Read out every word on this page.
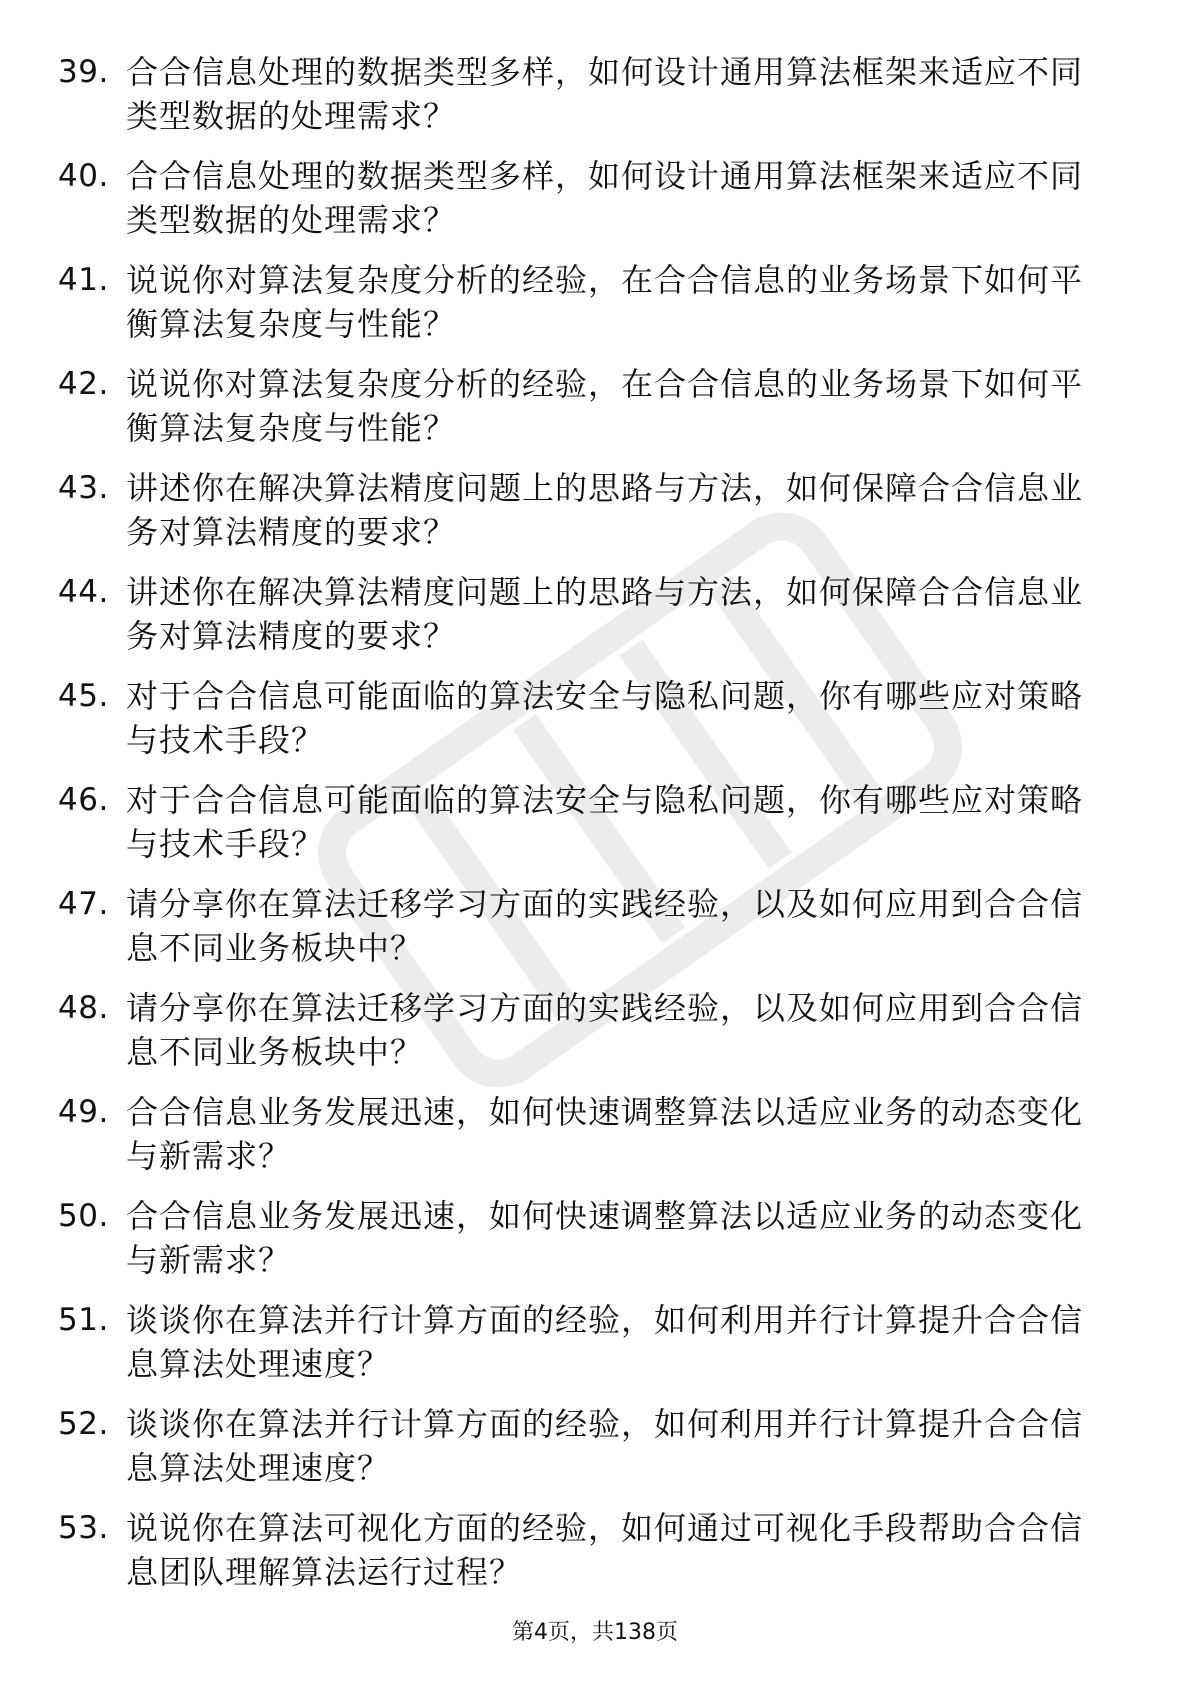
39. 合合信息处理的数据类型多样，如何设计通用算法框架来适应不同类型数据的处理需求？
40. 合合信息处理的数据类型多样，如何设计通用算法框架来适应不同类型数据的处理需求？
41. 说说你对算法复杂度分析的经验，在合合信息的业务场景下如何平衡算法复杂度与性能？
42. 说说你对算法复杂度分析的经验，在合合信息的业务场景下如何平衡算法复杂度与性能？
43. 讲述你在解决算法精度问题上的思路与方法，如何保障合合信息业务对算法精度的要求？
44. 讲述你在解决算法精度问题上的思路与方法，如何保障合合信息业务对算法精度的要求？
45. 对于合合信息可能面临的算法安全与隐私问题，你有哪些应对策略与技术手段？
46. 对于合合信息可能面临的算法安全与隐私问题，你有哪些应对策略与技术手段？
47. 请分享你在算法迁移学习方面的实践经验，以及如何应用到合合信息不同业务板块中？
48. 请分享你在算法迁移学习方面的实践经验，以及如何应用到合合信息不同业务板块中？
49. 合合信息业务发展迅速，如何快速调整算法以适应业务的动态变化与新需求？
50. 合合信息业务发展迅速，如何快速调整算法以适应业务的动态变化与新需求？
51. 谈谈你在算法并行计算方面的经验，如何利用并行计算提升合合信息算法处理速度？
52. 谈谈你在算法并行计算方面的经验，如何利用并行计算提升合合信息算法处理速度？
53. 说说你在算法可视化方面的经验，如何通过可视化手段帮助合合信息团队理解算法运行过程？
第4页，共138页
